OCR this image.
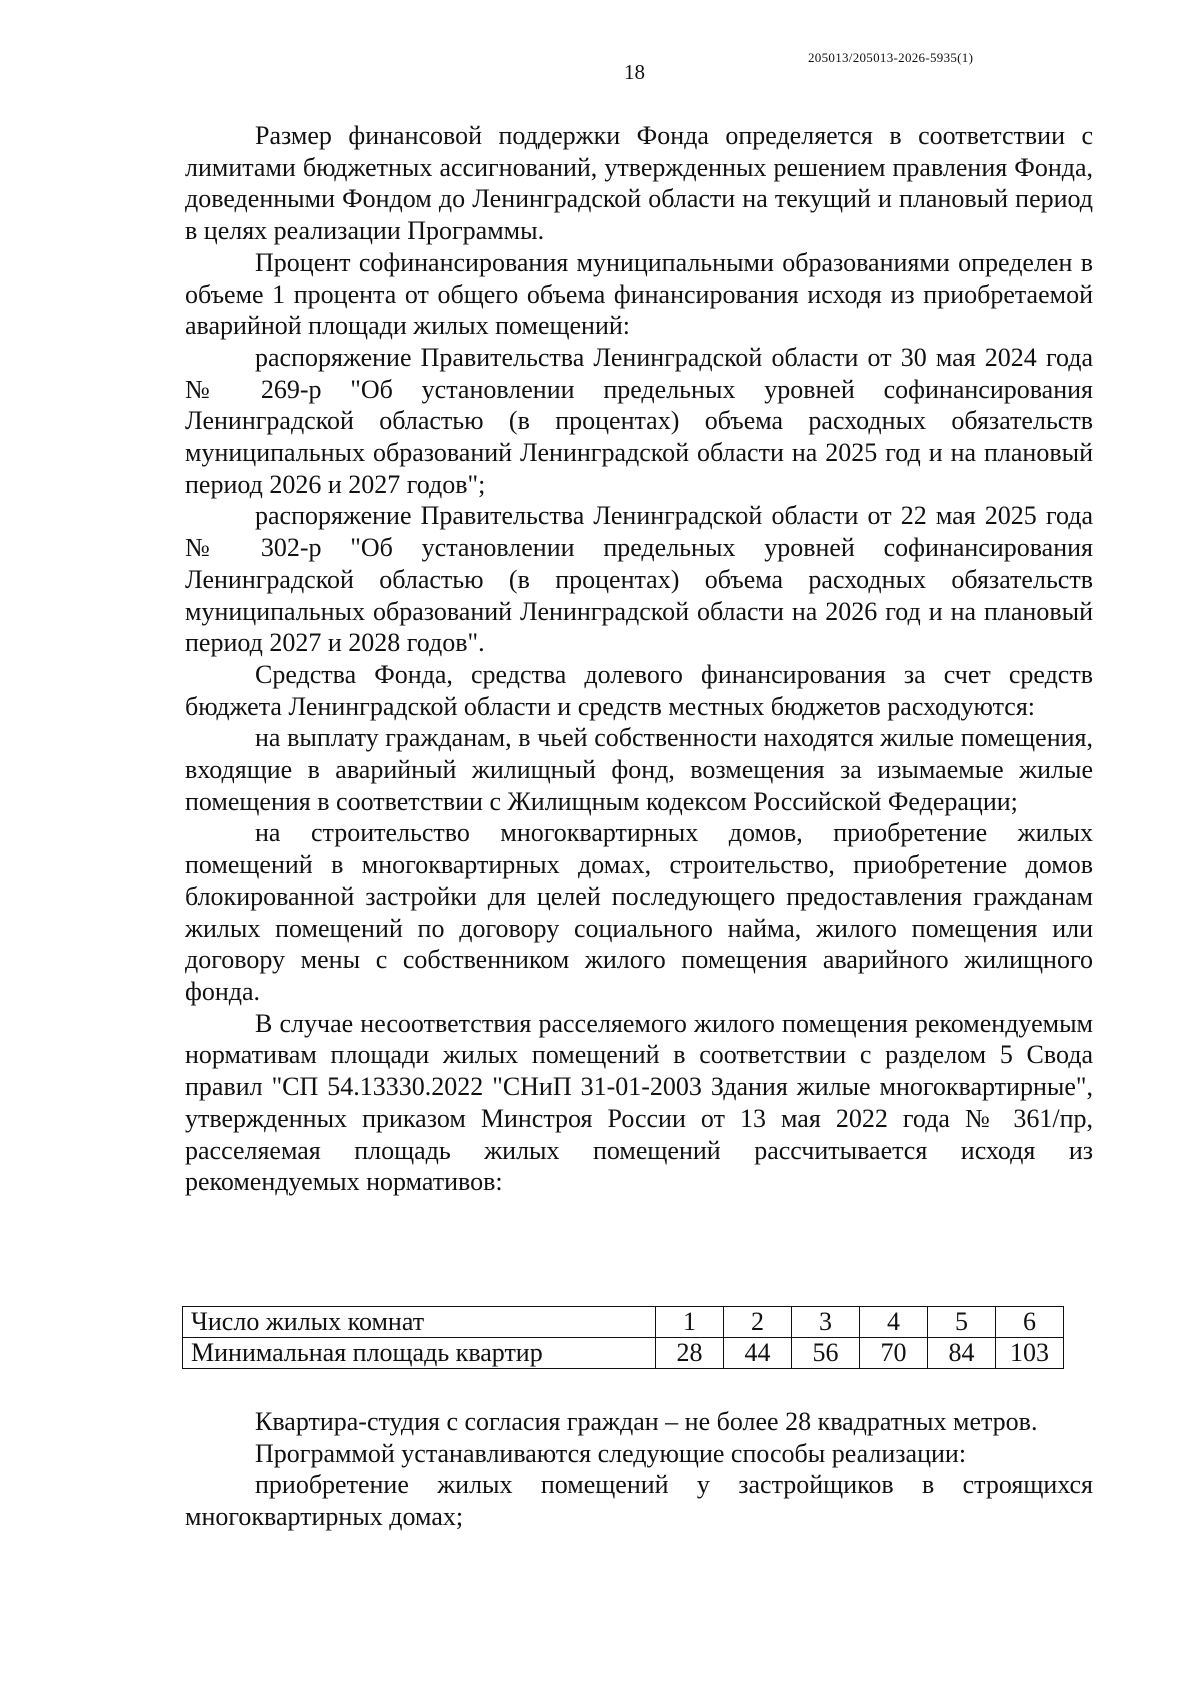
205013/205013-2026-5935(1)
18

Размер финансовой поддержки Фонда определяется в соответствии с лимитами бюджетных ассигнований, утвержденных решением правления Фонда, доведенными Фондом до Ленинградской области на текущий и плановый период в целях реализации Программы.

Процент софинансирования муниципальными образованиями определен в объеме 1 процента от общего объема финансирования исходя из приобретаемой аварийной площади жилых помещений:

распоряжение Правительства Ленинградской области от 30 мая 2024 года № 269-р "Об установлении предельных уровней софинансирования Ленинградской областью (в процентах) объема расходных обязательств муниципальных образований Ленинградской области на 2025 год и на плановый период 2026 и 2027 годов";

распоряжение Правительства Ленинградской области от 22 мая 2025 года № 302-р "Об установлении предельных уровней софинансирования Ленинградской областью (в процентах) объема расходных обязательств муниципальных образований Ленинградской области на 2026 год и на плановый период 2027 и 2028 годов".

Средства Фонда, средства долевого финансирования за счет средств бюджета Ленинградской области и средств местных бюджетов расходуются:

на выплату гражданам, в чьей собственности находятся жилые помещения, входящие в аварийный жилищный фонд, возмещения за изымаемые жилые помещения в соответствии с Жилищным кодексом Российской Федерации;

на строительство многоквартирных домов, приобретение жилых помещений в многоквартирных домах, строительство, приобретение домов блокированной застройки для целей последующего предоставления гражданам жилых помещений по договору социального найма, жилого помещения или договору мены с собственником жилого помещения аварийного жилищного фонда.

В случае несоответствия расселяемого жилого помещения рекомендуемым нормативам площади жилых помещений в соответствии с разделом 5 Свода правил "СП 54.13330.2022 "СНиП 31-01-2003 Здания жилые многоквартирные", утвержденных приказом Минстроя России от 13 мая 2022 года № 361/пр, расселяемая площадь жилых помещений рассчитывается исходя из рекомендуемых нормативов:

Число жилых комнат	1	2	3	4	5	6
Минимальная площадь квартир	28	44	56	70	84	103

Квартира-студия с согласия граждан – не более 28 квадратных метров.

Программой устанавливаются следующие способы реализации:

приобретение жилых помещений у застройщиков в строящихся многоквартирных домах;
